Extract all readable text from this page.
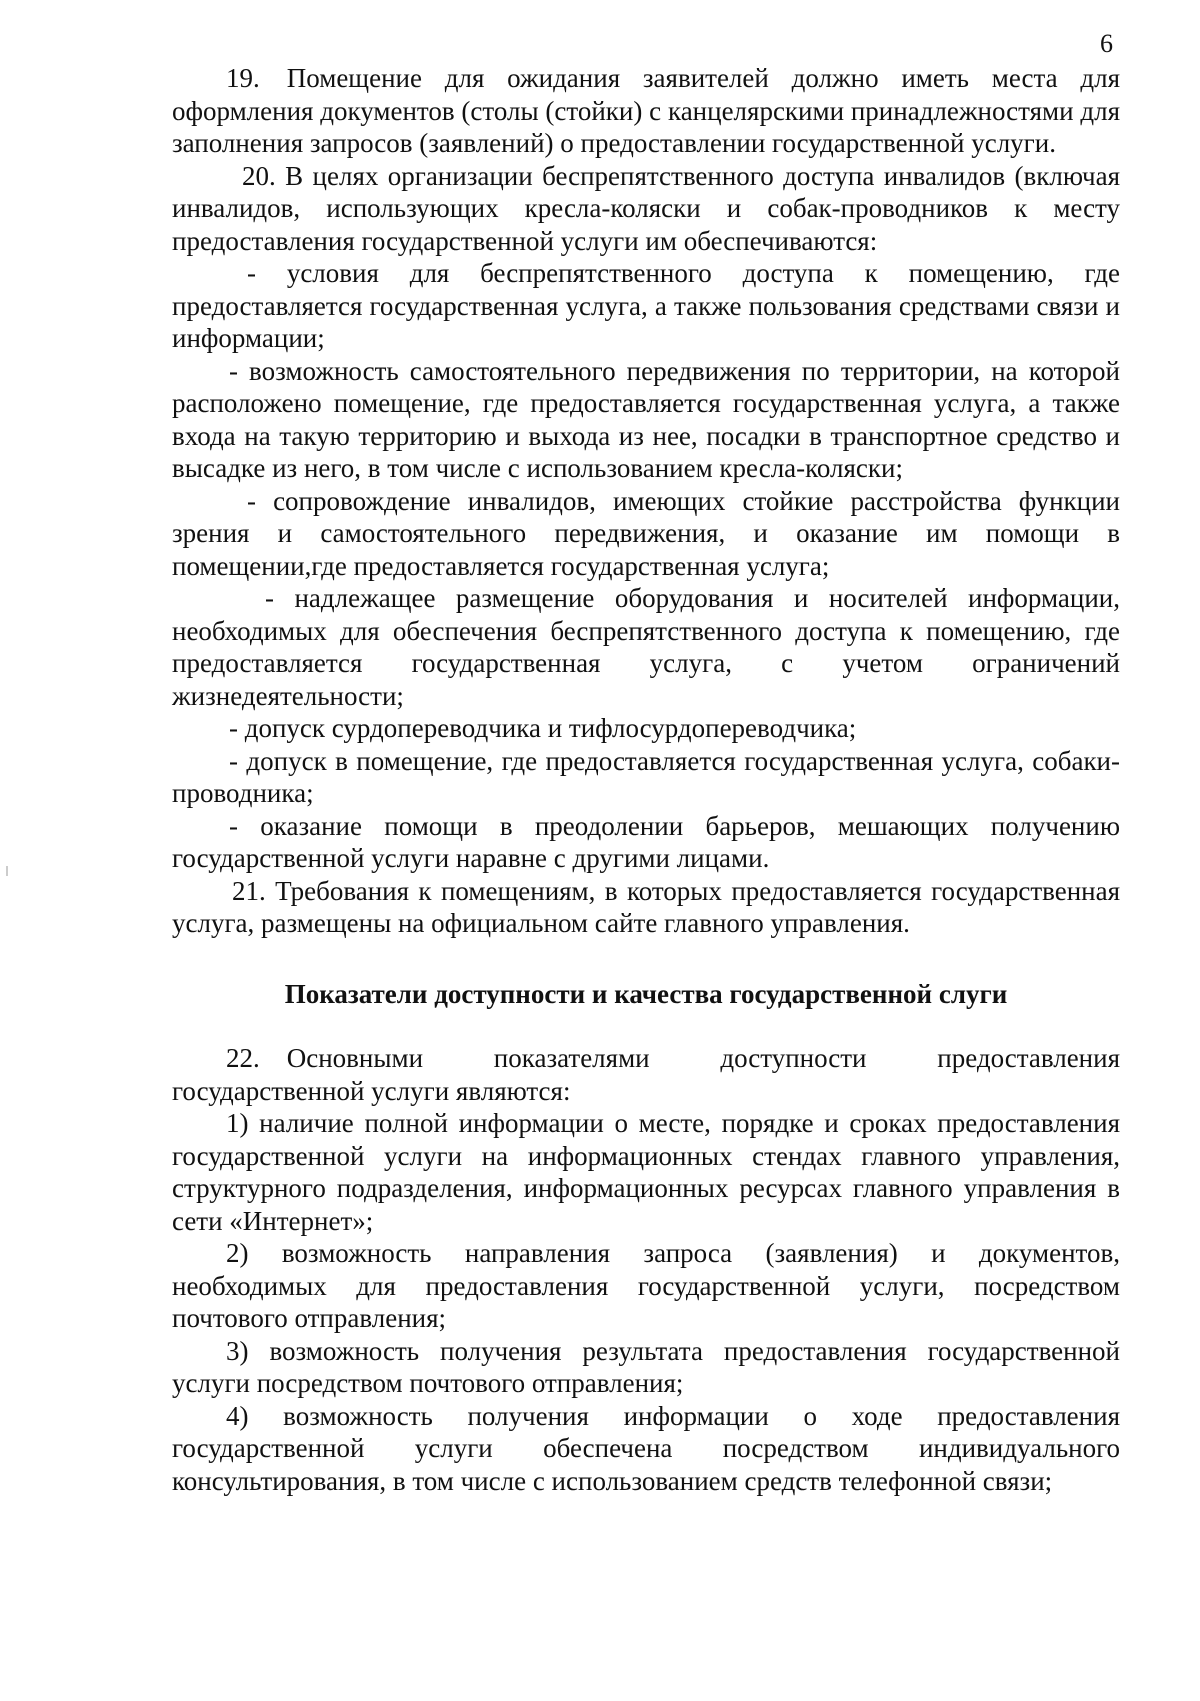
6

19. Помещение для ожидания заявителей должно иметь места для оформления документов (столы (стойки) с канцелярскими принадлежностями для заполнения запросов (заявлений) о предоставлении государственной услуги.

20. В целях организации беспрепятственного доступа инвалидов (включая инвалидов, использующих кресла-коляски и собак-проводников к месту предоставления государственной услуги им обеспечиваются:

- условия для беспрепятственного доступа к помещению, где предоставляется государственная услуга, а также пользования средствами связи и информации;

- возможность самостоятельного передвижения по территории, на которой расположено помещение, где предоставляется государственная услуга, а также входа на такую территорию и выхода из нее, посадки в транспортное средство и высадке из него, в том числе с использованием кресла-коляски;

- сопровождение инвалидов, имеющих стойкие расстройства функции зрения и самостоятельного передвижения, и оказание им помощи в помещении,где предоставляется государственная услуга;

- надлежащее размещение оборудования и носителей информации, необходимых для обеспечения беспрепятственного доступа к помещению, где предоставляется государственная услуга, с учетом ограничений жизнедеятельности;

- допуск сурдопереводчика и тифлосурдопереводчика;

- допуск в помещение, где предоставляется государственная услуга, собаки-проводника;

- оказание помощи в преодолении барьеров, мешающих получению государственной услуги наравне с другими лицами.

21. Требования к помещениям, в которых предоставляется государственная услуга, размещены на официальном сайте главного управления.

Показатели доступности и качества государственной слуги

22. Основными показателями доступности предоставления государственной услуги являются:

1) наличие полной информации о месте, порядке и сроках предоставления государственной услуги на информационных стендах главного управления, структурного подразделения, информационных ресурсах главного управления в сети «Интернет»;

2) возможность направления запроса (заявления) и документов, необходимых для предоставления государственной услуги, посредством почтового отправления;

3) возможность получения результата предоставления государственной услуги посредством почтового отправления;

4) возможность получения информации о ходе предоставления государственной услуги обеспечена посредством индивидуального консультирования, в том числе с использованием средств телефонной связи;
